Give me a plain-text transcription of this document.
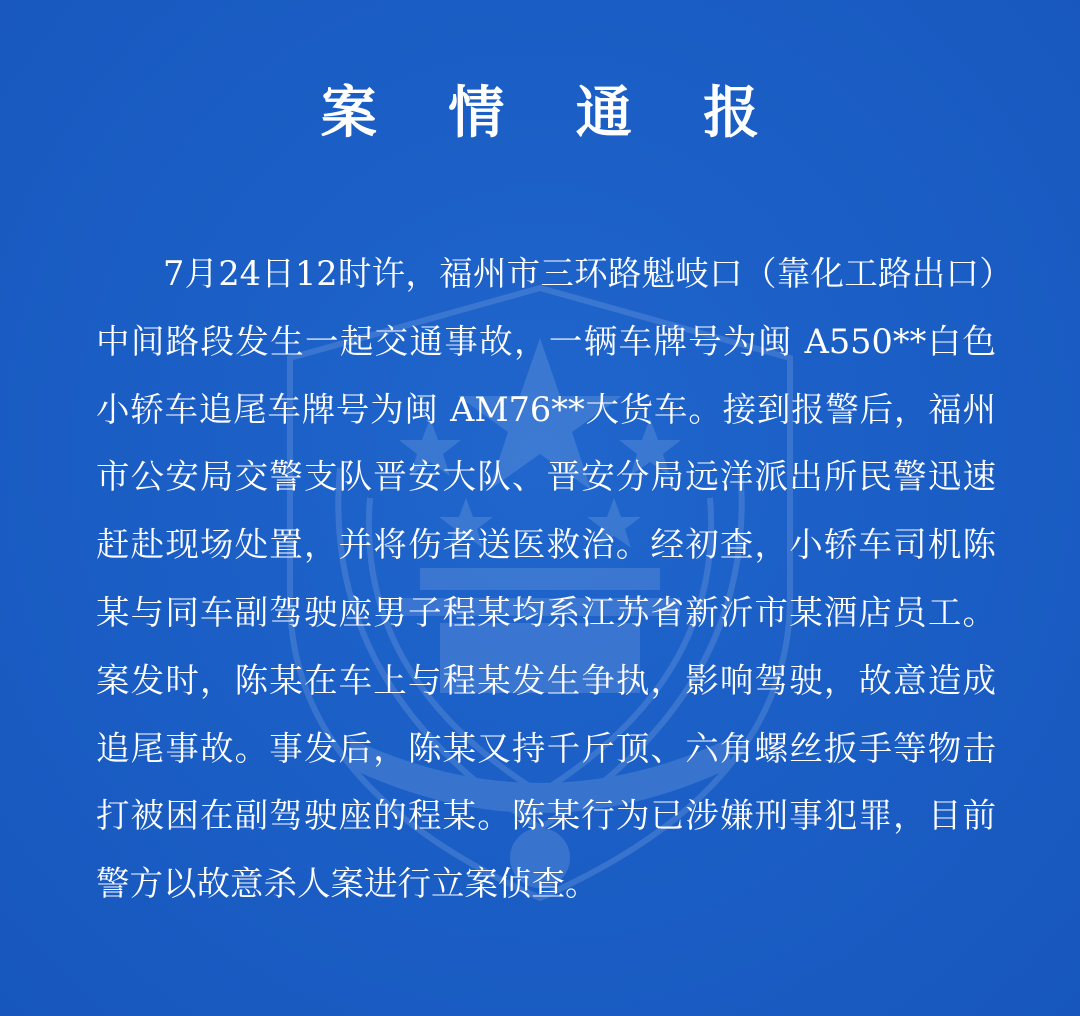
案 情 通 报
7月24日12时许，福州市三环路魁岐口（靠化工路出口）中间路段发生一起交通事故，一辆车牌号为闽 A550**白色小轿车追尾车牌号为闽 AM76**大货车。接到报警后，福州市公安局交警支队晋安大队、晋安分局远洋派出所民警迅速赶赴现场处置，并将伤者送医救治。经初查，小轿车司机陈某与同车副驾驶座男子程某均系江苏省新沂市某酒店员工。案发时，陈某在车上与程某发生争执，影响驾驶，故意造成追尾事故。事发后，陈某又持千斤顶、六角螺丝扳手等物击打被困在副驾驶座的程某。陈某行为已涉嫌刑事犯罪，目前警方以故意杀人案进行立案侦查。
